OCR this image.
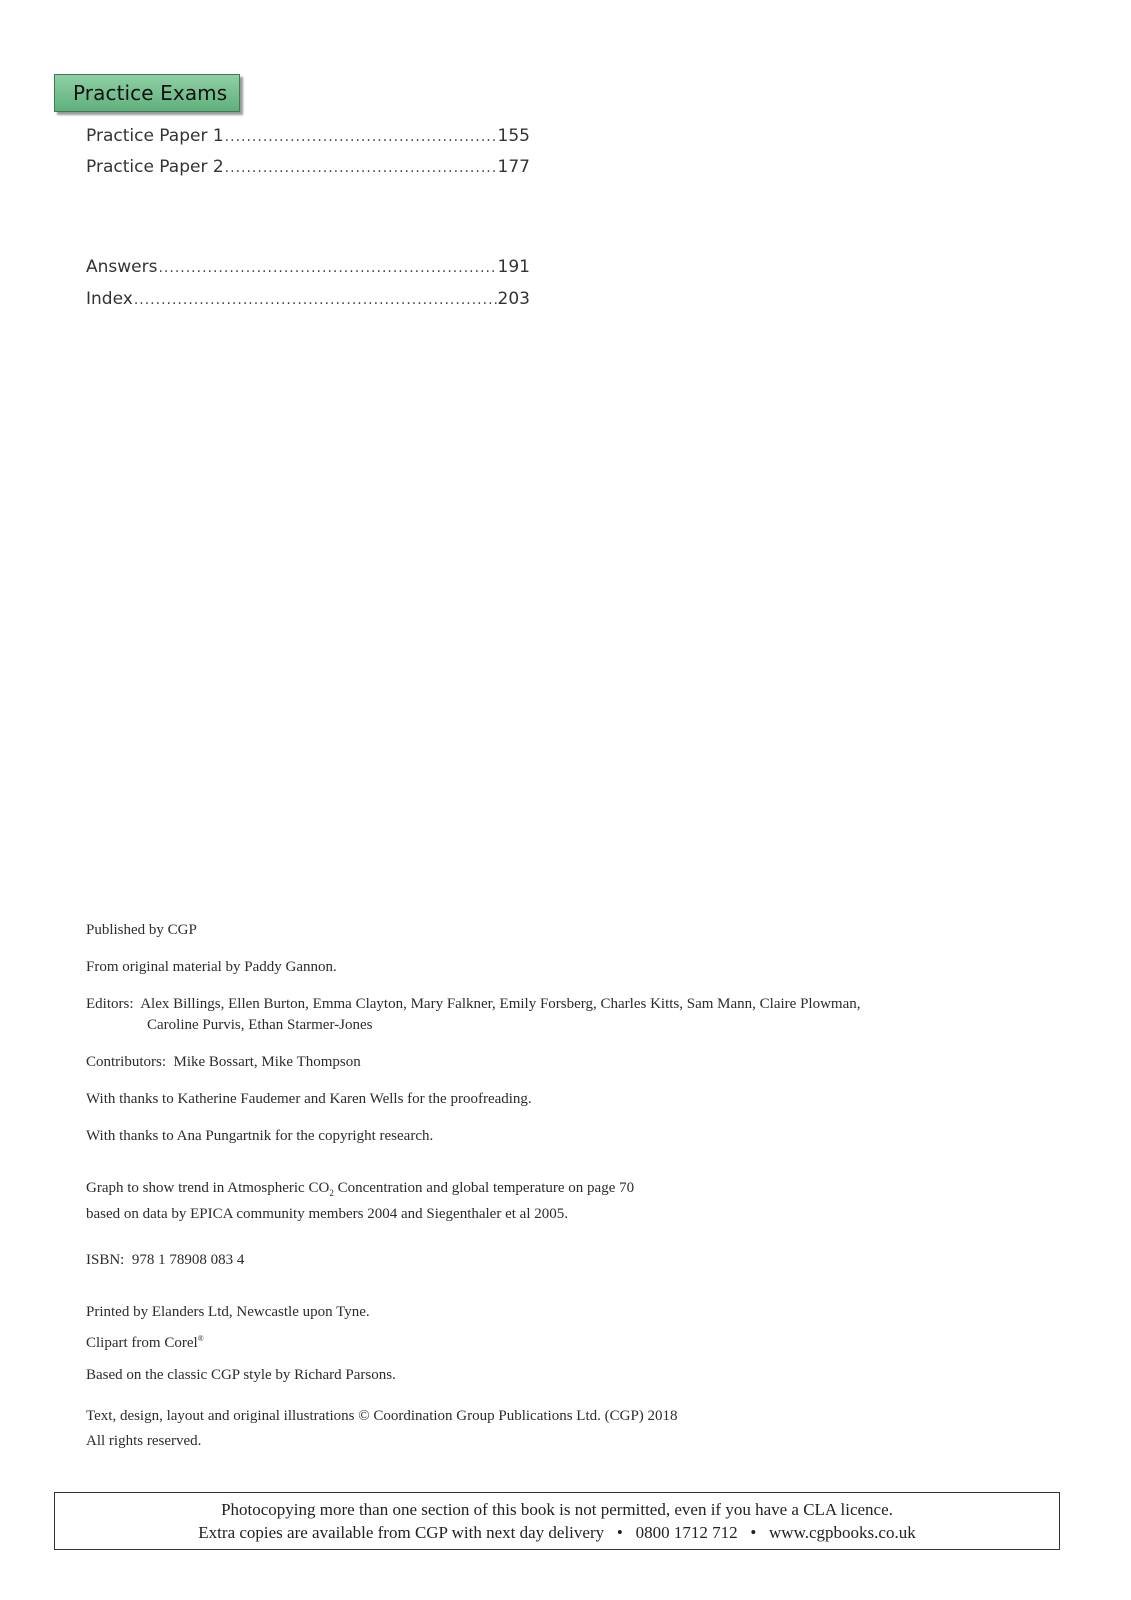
Practice Exams
Practice Paper 1 .....	155
Practice Paper 2 .....	177
Answers .....	191
Index .....	203

Published by CGP

From original material by Paddy Gannon.

Editors: Alex Billings, Ellen Burton, Emma Clayton, Mary Falkner, Emily Forsberg, Charles Kitts, Sam Mann, Claire Plowman,

Caroline Purvis, Ethan Starmer-Jones

Contributors: Mike Bossart, Mike Thompson

With thanks to Katherine Faudemer and Karen Wells for the proofreading.

With thanks to Ana Pungartnik for the copyright research.

Graph to show trend in Atmospheric $CO_2$ Concentration and global temperature on page 70

based on data by EPICA community members 2004 and Siegenthaler et al 2005.

ISBN: 978 1 78908 083 4

Printed by Elanders Ltd, Newcastle upon Tyne.

Clipart from Corel®

Based on the classic CGP style by Richard Parsons.

Text, design, layout and original illustrations © Coordination Group Publications Ltd. (CGP) 2018

All rights reserved.

Photocopying more than one section of this book is not permitted, even if you have a CLA licence.
Extra copies are available from CGP with next day delivery   •   0800 1712 712   •   www.cgpbooks.co.uk
